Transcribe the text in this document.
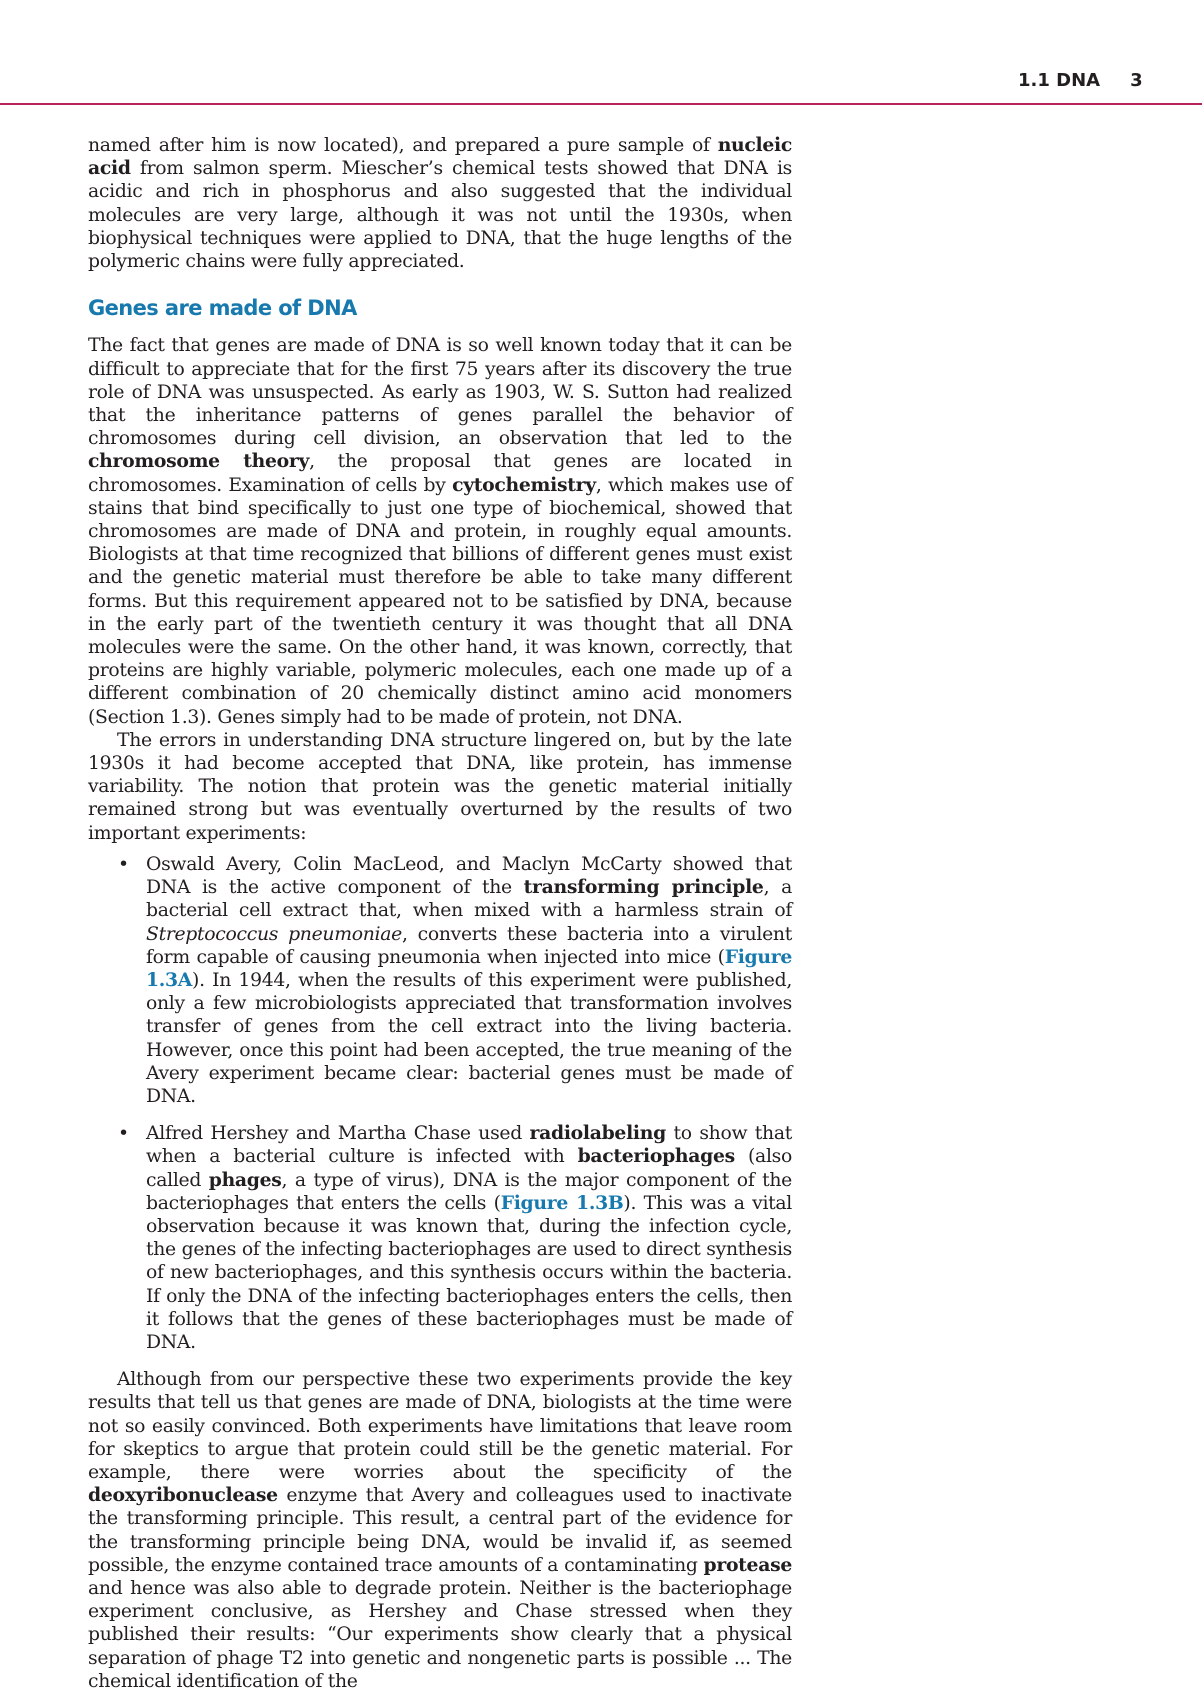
1.1 DNA 3

named after him is now located), and prepared a pure sample of nucleic acid from salmon sperm. Miescher’s chemical tests showed that DNA is acidic and rich in phosphorus and also suggested that the individual molecules are very large, although it was not until the 1930s, when biophysical techniques were applied to DNA, that the huge lengths of the polymeric chains were fully appreciated.

Genes are made of DNA

The fact that genes are made of DNA is so well known today that it can be difficult to appreciate that for the first 75 years after its discovery the true role of DNA was unsuspected. As early as 1903, W. S. Sutton had realized that the inheritance patterns of genes parallel the behavior of chromosomes during cell division, an observation that led to the chromosome theory, the proposal that genes are located in chromosomes. Examination of cells by cytochemistry, which makes use of stains that bind specifically to just one type of biochemical, showed that chromosomes are made of DNA and protein, in roughly equal amounts. Biologists at that time recognized that billions of different genes must exist and the genetic material must therefore be able to take many different forms. But this requirement appeared not to be satisfied by DNA, because in the early part of the twentieth century it was thought that all DNA molecules were the same. On the other hand, it was known, correctly, that proteins are highly variable, polymeric molecules, each one made up of a different combination of 20 chemically distinct amino acid monomers (Section 1.3). Genes simply had to be made of protein, not DNA.

The errors in understanding DNA structure lingered on, but by the late 1930s it had become accepted that DNA, like protein, has immense variability. The notion that protein was the genetic material initially remained strong but was eventually overturned by the results of two important experiments:

• Oswald Avery, Colin MacLeod, and Maclyn McCarty showed that DNA is the active component of the transforming principle, a bacterial cell extract that, when mixed with a harmless strain of Streptococcus pneumoniae, converts these bacteria into a virulent form capable of causing pneumonia when injected into mice (Figure 1.3A). In 1944, when the results of this experiment were published, only a few microbiologists appreciated that transformation involves transfer of genes from the cell extract into the living bacteria. However, once this point had been accepted, the true meaning of the Avery experiment became clear: bacterial genes must be made of DNA.
• Alfred Hershey and Martha Chase used radiolabeling to show that when a bacterial culture is infected with bacteriophages (also called phages, a type of virus), DNA is the major component of the bacteriophages that enters the cells (Figure 1.3B). This was a vital observation because it was known that, during the infection cycle, the genes of the infecting bacteriophages are used to direct synthesis of new bacteriophages, and this synthesis occurs within the bacteria. If only the DNA of the infecting bacteriophages enters the cells, then it follows that the genes of these bacteriophages must be made of DNA.

Although from our perspective these two experiments provide the key results that tell us that genes are made of DNA, biologists at the time were not so easily convinced. Both experiments have limitations that leave room for skeptics to argue that protein could still be the genetic material. For example, there were worries about the specificity of the deoxyribonuclease enzyme that Avery and colleagues used to inactivate the transforming principle. This result, a central part of the evidence for the transforming principle being DNA, would be invalid if, as seemed possible, the enzyme contained trace amounts of a contaminating protease and hence was also able to degrade protein. Neither is the bacteriophage experiment conclusive, as Hershey and Chase stressed when they published their results: “Our experiments show clearly that a physical separation of phage T2 into genetic and nongenetic parts is possible ... The chemical identification of the
